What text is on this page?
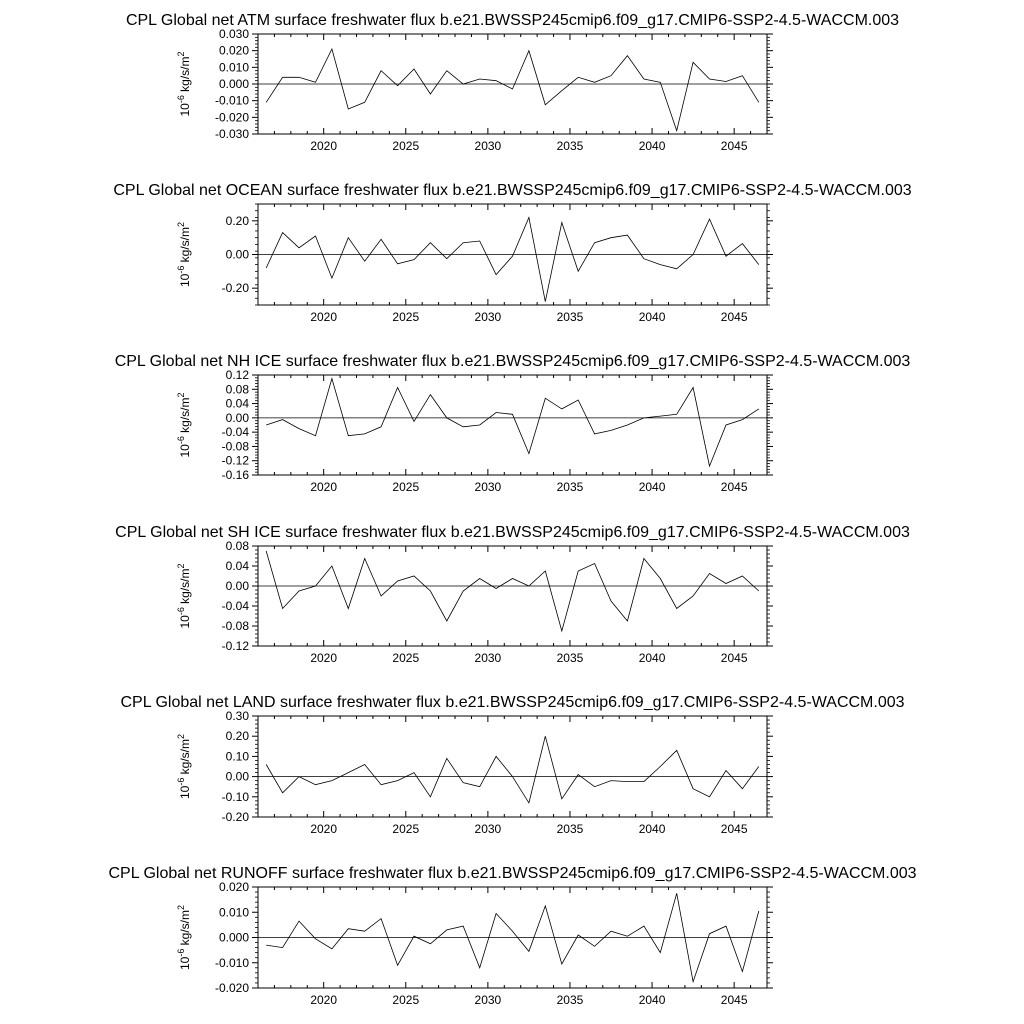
CPL Global net ATM surface freshwater flux b.e21.BWSSP245cmip6.f09_g17.CMIP6-SSP2-4.5-WACCM.003
2020	2025	2030	2035	2040	2045
-0.030
-0.020
-0.010
0.000
0.010
0.020
0.030
$10^{-6}$ $kg/s/m^2$
CPL Global net OCEAN surface freshwater flux b.e21.BWSSP245cmip6.f09_g17.CMIP6-SSP2-4.5-WACCM.003
2020	2025	2030	2035	2040	2045
-0.20
0.00
0.20
$10^{-6}$ $kg/s/m^2$
CPL Global net NH ICE surface freshwater flux b.e21.BWSSP245cmip6.f09_g17.CMIP6-SSP2-4.5-WACCM.003
2020	2025	2030	2035	2040	2045
-0.16
-0.12
-0.08
-0.04
0.00
0.04
0.08
0.12
$10^{-6}$ $kg/s/m^2$
CPL Global net SH ICE surface freshwater flux b.e21.BWSSP245cmip6.f09_g17.CMIP6-SSP2-4.5-WACCM.003
2020	2025	2030	2035	2040	2045
-0.12
-0.08
-0.04
0.00
0.04
0.08
$10^{-6}$ $kg/s/m^2$
CPL Global net LAND surface freshwater flux b.e21.BWSSP245cmip6.f09_g17.CMIP6-SSP2-4.5-WACCM.003
2020	2025	2030	2035	2040	2045
-0.20
-0.10
0.00
0.10
0.20
0.30
$10^{-6}$ $kg/s/m^2$
CPL Global net RUNOFF surface freshwater flux b.e21.BWSSP245cmip6.f09_g17.CMIP6-SSP2-4.5-WACCM.003
2020	2025	2030	2035	2040	2045
-0.020
-0.010
0.000
0.010
0.020
$10^{-6}$ $kg/s/m^2$
